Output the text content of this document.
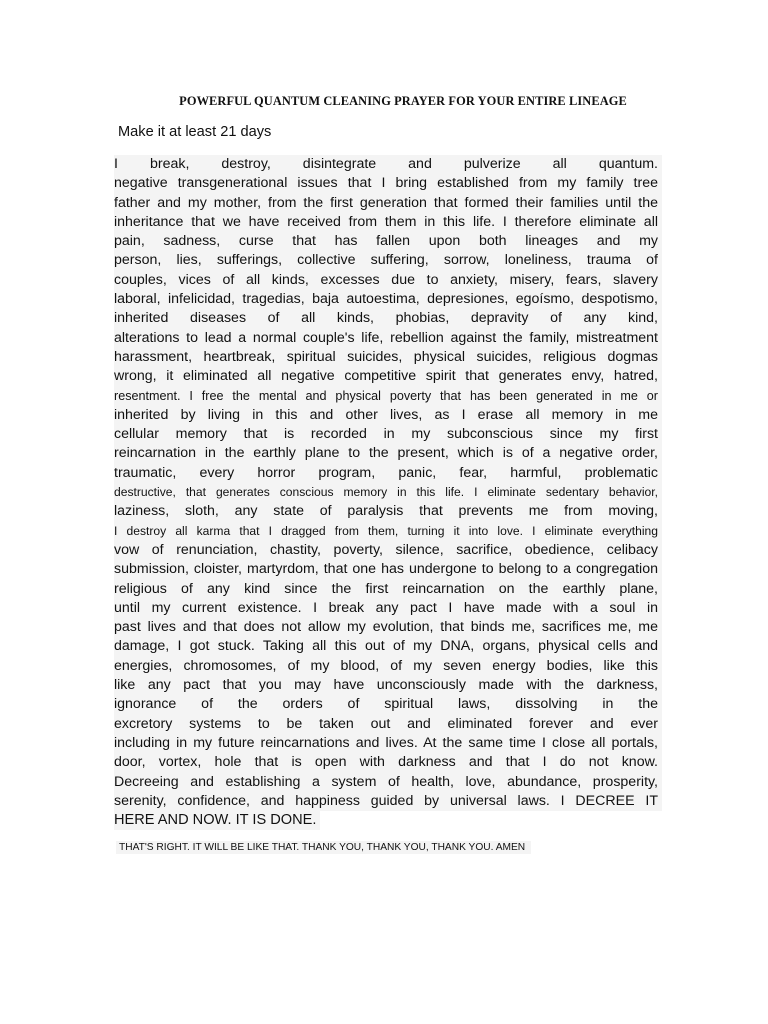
POWERFUL QUANTUM CLEANING PRAYER FOR YOUR ENTIRE LINEAGE
Make it at least 21 days
I break, destroy, disintegrate and pulverize all quantum.
negative transgenerational issues that I bring established from my family tree
father and my mother, from the first generation that formed their families until the
inheritance that we have received from them in this life. I therefore eliminate all
pain, sadness, curse that has fallen upon both lineages and my
person, lies, sufferings, collective suffering, sorrow, loneliness, trauma of
couples, vices of all kinds, excesses due to anxiety, misery, fears, slavery
laboral, infelicidad, tragedias, baja autoestima, depresiones, egoísmo, despotismo,
inherited diseases of all kinds, phobias, depravity of any kind,
alterations to lead a normal couple's life, rebellion against the family, mistreatment
harassment, heartbreak, spiritual suicides, physical suicides, religious dogmas
wrong, it eliminated all negative competitive spirit that generates envy, hatred,
resentment. I free the mental and physical poverty that has been generated in me or
inherited by living in this and other lives, as I erase all memory in me
cellular memory that is recorded in my subconscious since my first
reincarnation in the earthly plane to the present, which is of a negative order,
traumatic, every horror program, panic, fear, harmful, problematic
destructive, that generates conscious memory in this life. I eliminate sedentary behavior,
laziness, sloth, any state of paralysis that prevents me from moving,
I destroy all karma that I dragged from them, turning it into love. I eliminate everything
vow of renunciation, chastity, poverty, silence, sacrifice, obedience, celibacy
submission, cloister, martyrdom, that one has undergone to belong to a congregation
religious of any kind since the first reincarnation on the earthly plane,
until my current existence. I break any pact I have made with a soul in
past lives and that does not allow my evolution, that binds me, sacrifices me, me
damage, I got stuck. Taking all this out of my DNA, organs, physical cells and
energies, chromosomes, of my blood, of my seven energy bodies, like this
like any pact that you may have unconsciously made with the darkness,
ignorance of the orders of spiritual laws, dissolving in the
excretory systems to be taken out and eliminated forever and ever
including in my future reincarnations and lives. At the same time I close all portals,
door, vortex, hole that is open with darkness and that I do not know.
Decreeing and establishing a system of health, love, abundance, prosperity,
serenity, confidence, and happiness guided by universal laws. I DECREE IT
HERE AND NOW. IT IS DONE.
THAT'S RIGHT. IT WILL BE LIKE THAT. THANK YOU, THANK YOU, THANK YOU. AMEN
